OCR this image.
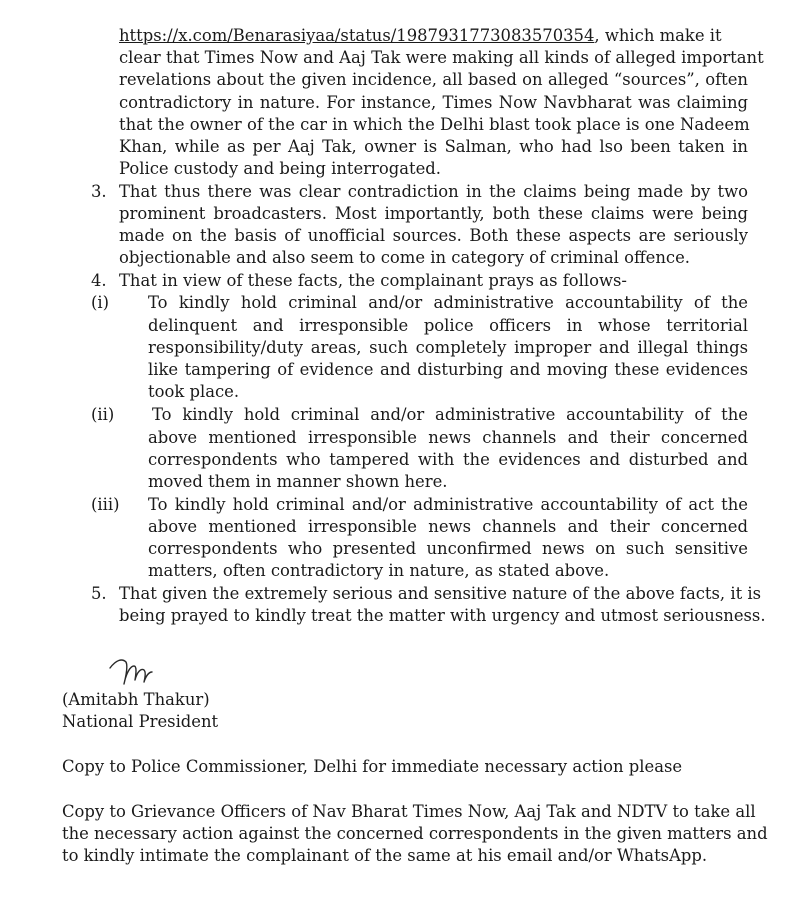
https://x.com/Benarasiyaa/status/1987931773083570354, which make it
clear that Times Now and Aaj Tak were making all kinds of alleged important
revelations about the given incidence, all based on alleged “sources”, often
contradictory in nature. For instance, Times Now Navbharat was claiming
that the owner of the car in which the Delhi blast took place is one Nadeem
Khan, while as per Aaj Tak, owner is Salman, who had lso been taken in
Police custody and being interrogated.
3. That thus there was clear contradiction in the claims being made by two
prominent broadcasters. Most importantly, both these claims were being
made on the basis of unofficial sources. Both these aspects are seriously
objectionable and also seem to come in category of criminal offence.
4. That in view of these facts, the complainant prays as follows-
(i) To kindly hold criminal and/or administrative accountability of the
delinquent and irresponsible police officers in whose territorial
responsibility/duty areas, such completely improper and illegal things
like tampering of evidence and disturbing and moving these evidences
took place.
(ii) To kindly hold criminal and/or administrative accountability of the
above mentioned irresponsible news channels and their concerned
correspondents who tampered with the evidences and disturbed and
moved them in manner shown here.
(iii) To kindly hold criminal and/or administrative accountability of act the
above mentioned irresponsible news channels and their concerned
correspondents who presented unconfirmed news on such sensitive
matters, often contradictory in nature, as stated above.
5. That given the extremely serious and sensitive nature of the above facts, it is
being prayed to kindly treat the matter with urgency and utmost seriousness.
(Amitabh Thakur)
National President
Copy to Police Commissioner, Delhi for immediate necessary action please
Copy to Grievance Officers of Nav Bharat Times Now, Aaj Tak and NDTV to take all
the necessary action against the concerned correspondents in the given matters and
to kindly intimate the complainant of the same at his email and/or WhatsApp.
